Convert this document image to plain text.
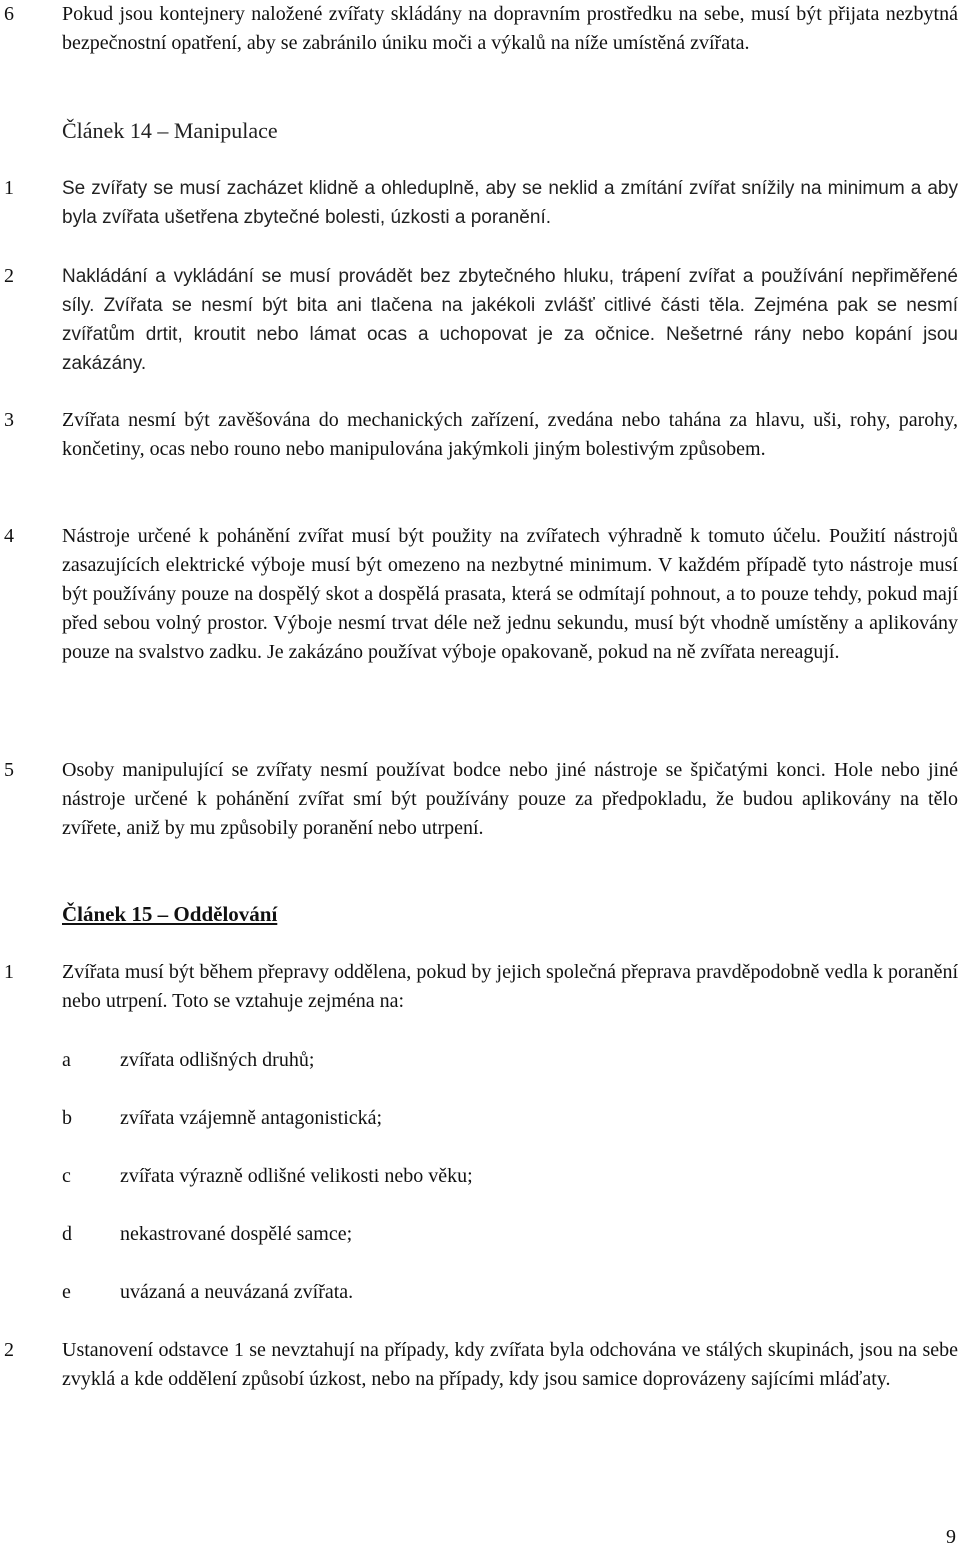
6	Pokud jsou kontejnery naložené zvířaty skládány na dopravním prostředku na sebe, musí být přijata nezbytná bezpečnostní opatření, aby se zabránilo úniku moči a výkalů na níže umístěná zvířata.
Článek 14 – Manipulace
1	Se zvířaty se musí zacházet klidně a ohleduplně, aby se neklid a zmítání zvířat snížily na minimum a aby byla zvířata ušetřena zbytečné bolesti, úzkosti a poranění.
2	Nakládání a vykládání se musí provádět bez zbytečného hluku, trápení zvířat a používání nepřiměřené síly. Zvířata se nesmí být bita ani tlačena na jakékoli zvlášť citlivé části těla. Zejména pak se nesmí zvířatům drtit, kroutit nebo lámat ocas a uchopovat je za očnice. Nešetrné rány nebo kopání jsou zakázány.
3	Zvířata nesmí být zavěšována do mechanických zařízení, zvedána nebo tahána za hlavu, uši, rohy, parohy, končetiny, ocas nebo rouno nebo manipulována jakýmkoli jiným bolestivým způsobem.
4	Nástroje určené k pohánění zvířat musí být použity na zvířatech výhradně k tomuto účelu. Použití nástrojů zasazujících elektrické výboje musí být omezeno na nezbytné minimum. V každém případě tyto nástroje musí být používány pouze na dospělý skot a dospělá prasata, která se odmítají pohnout, a to pouze tehdy, pokud mají před sebou volný prostor. Výboje nesmí trvat déle než jednu sekundu, musí být vhodně umístěny a aplikovány pouze na svalstvo zadku. Je zakázáno používat výboje opakovaně, pokud na ně zvířata nereagují.
5	Osoby manipulující se zvířaty nesmí používat bodce nebo jiné nástroje se špičatými konci. Hole nebo jiné nástroje určené k pohánění zvířat smí být používány pouze za předpokladu, že budou aplikovány na tělo zvířete, aniž by mu způsobily poranění nebo utrpení.
Článek 15 – Oddělování
1	Zvířata musí být během přepravy oddělena, pokud by jejich společná přeprava pravděpodobně vedla k poranění nebo utrpení. Toto se vztahuje zejména na:
a	zvířata odlišných druhů;
b	zvířata vzájemně antagonistická;
c	zvířata výrazně odlišné velikosti nebo věku;
d	nekastrované dospělé samce;
e	uvázaná a neuvázaná zvířata.
2	Ustanovení odstavce 1 se nevztahují na případy, kdy zvířata byla odchována ve stálých skupinách, jsou na sebe zvyklá a kde oddělení způsobí úzkost, nebo na případy, kdy jsou samice doprovázeny sajícími mláďaty.
9
